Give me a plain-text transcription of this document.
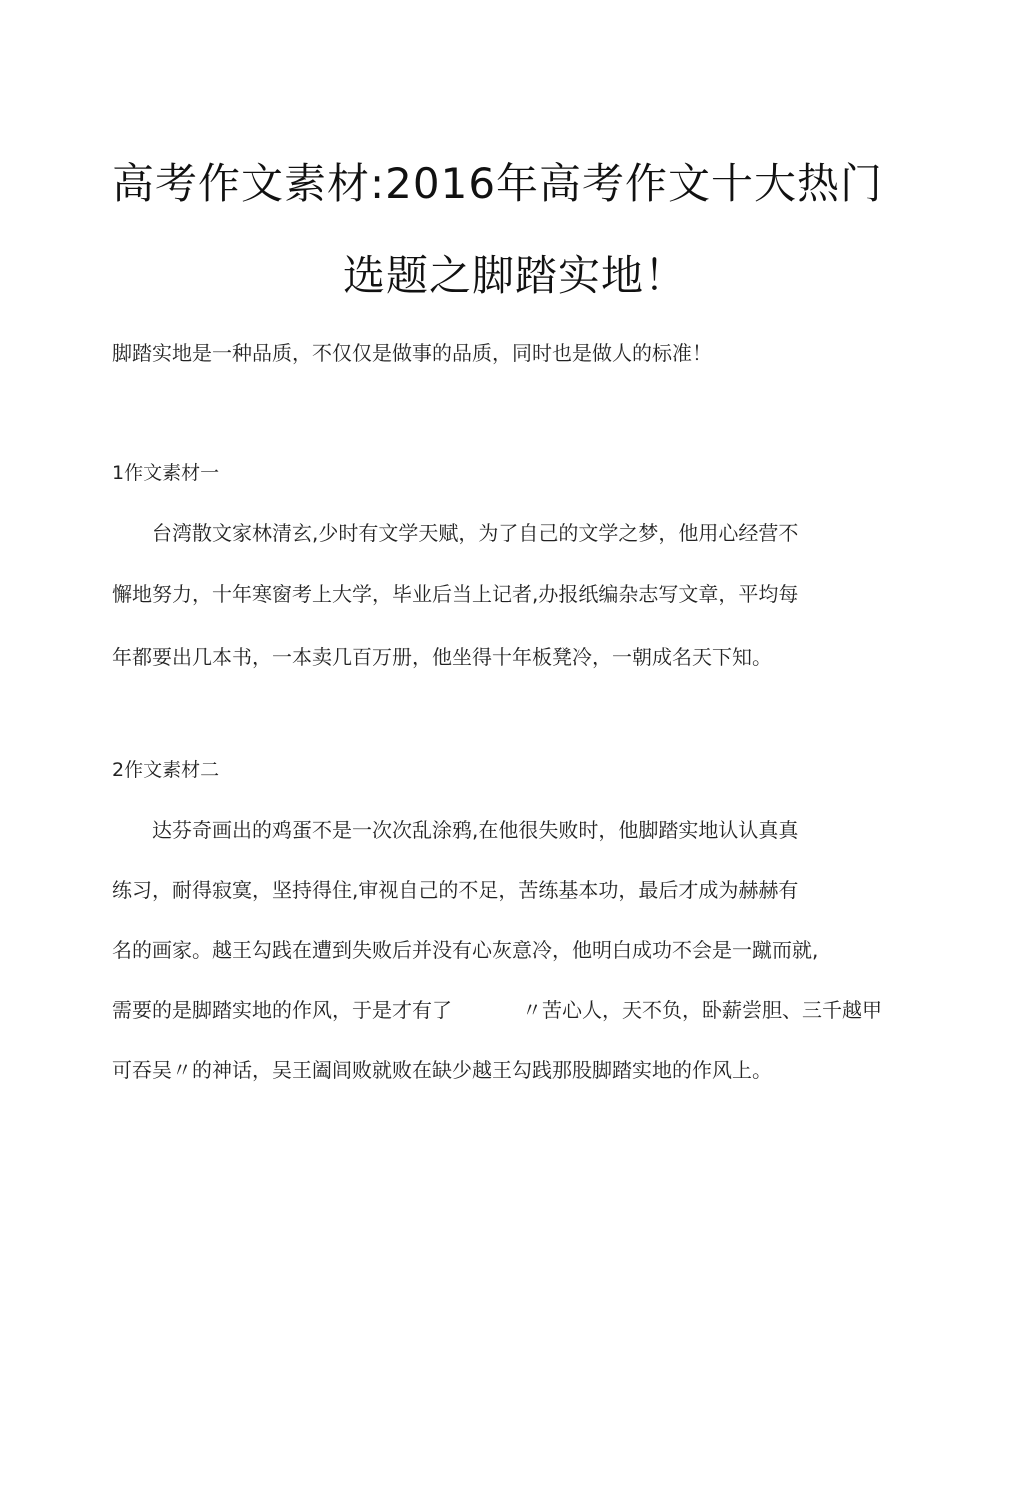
高考作文素材:2016年高考作文十大热门
选题之脚踏实地！
脚踏实地是一种品质，不仅仅是做事的品质，同时也是做人的标准！
1作文素材一
台湾散文家林清玄,少时有文学天赋，为了自己的文学之梦，他用心经营不
懈地努力，十年寒窗考上大学，毕业后当上记者,办报纸编杂志写文章，平均每
年都要出几本书，一本卖几百万册，他坐得十年板凳冷，一朝成名天下知。
2作文素材二
达芬奇画出的鸡蛋不是一次次乱涂鸦,在他很失败时，他脚踏实地认认真真
练习，耐得寂寞，坚持得住,审视自己的不足，苦练基本功，最后才成为赫赫有
名的画家。越王勾践在遭到失败后并没有心灰意冷，他明白成功不会是一蹴而就,
需要的是脚踏实地的作风，于是才有了	〃苦心人，天不负，卧薪尝胆、三千越甲
可吞吴〃的神话，吴王阖闾败就败在缺少越王勾践那股脚踏实地的作风上。
